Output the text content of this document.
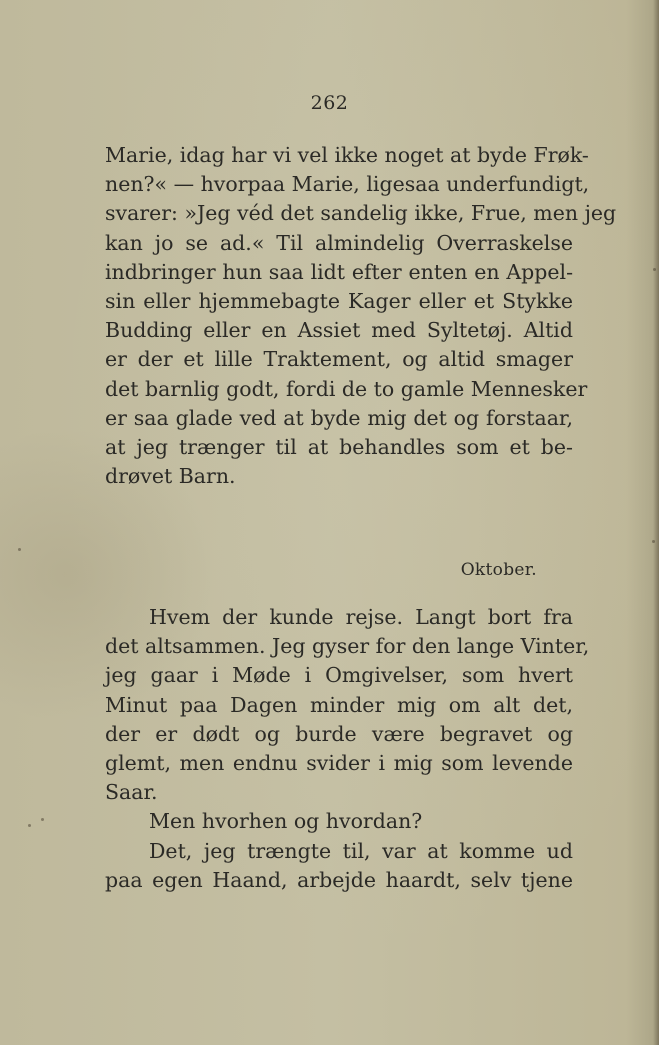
262
Marie, idag har vi vel ikke noget at byde Frøk-
nen?« — hvorpaa Marie, ligesaa underfundigt,
svarer: »Jeg véd det sandelig ikke, Frue, men jeg
kan jo se ad.« Til almindelig Overraskelse
indbringer hun saa lidt efter enten en Appel-
sin eller hjemmebagte Kager eller et Stykke
Budding eller en Assiet med Syltetøj. Altid
er der et lille Traktement, og altid smager
det barnlig godt, fordi de to gamle Mennesker
er saa glade ved at byde mig det og forstaar,
at jeg trænger til at behandles som et be-
drøvet Barn.
Oktober.
Hvem der kunde rejse. Langt bort fra
det altsammen. Jeg gyser for den lange Vinter,
jeg gaar i Møde i Omgivelser, som hvert
Minut paa Dagen minder mig om alt det,
der er dødt og burde være begravet og
glemt, men endnu svider i mig som levende
Saar.
Men hvorhen og hvordan?
Det, jeg trængte til, var at komme ud
paa egen Haand, arbejde haardt, selv tjene
